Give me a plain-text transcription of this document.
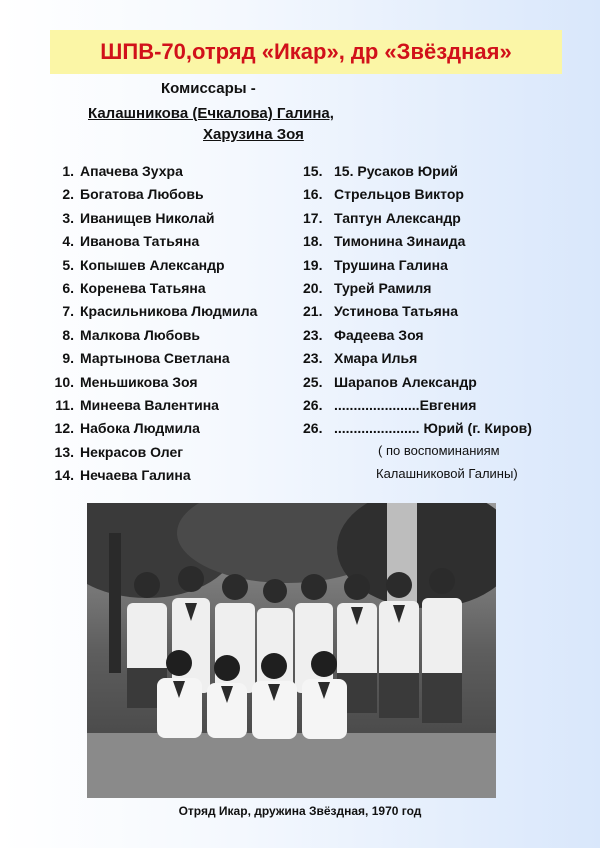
ШПВ-70,отряд «Икар», др «Звёздная»
Комиссары -
Калашникова (Ечкалова) Галина,
Харузина Зоя
1. Апачева Зухра
2. Богатова Любовь
3. Иванищев Николай
4. Иванова Татьяна
5. Копышев Александр
6. Коренева Татьяна
7. Красильникова Людмила
8. Малкова Любовь
9. Мартынова Светлана
10. Меньшикова Зоя
11. Минеева Валентина
12. Набока Людмила
13. Некрасов Олег
14. Нечаева Галина
15. 15. Русаков Юрий
16. Стрельцов Виктор
17. Таптун Александр
18. Тимонина Зинаида
19. Трушина Галина
20. Турей Рамиля
21. Устинова Татьяна
23. Фадеева Зоя
23. Хмара Илья
25. Шарапов Александр
26. ......................Евгения
26. ...................... Юрий (г. Киров)
( по воспоминаниям
Калашниковой Галины)
Отряд Икар, дружина Звёздная, 1970 год
